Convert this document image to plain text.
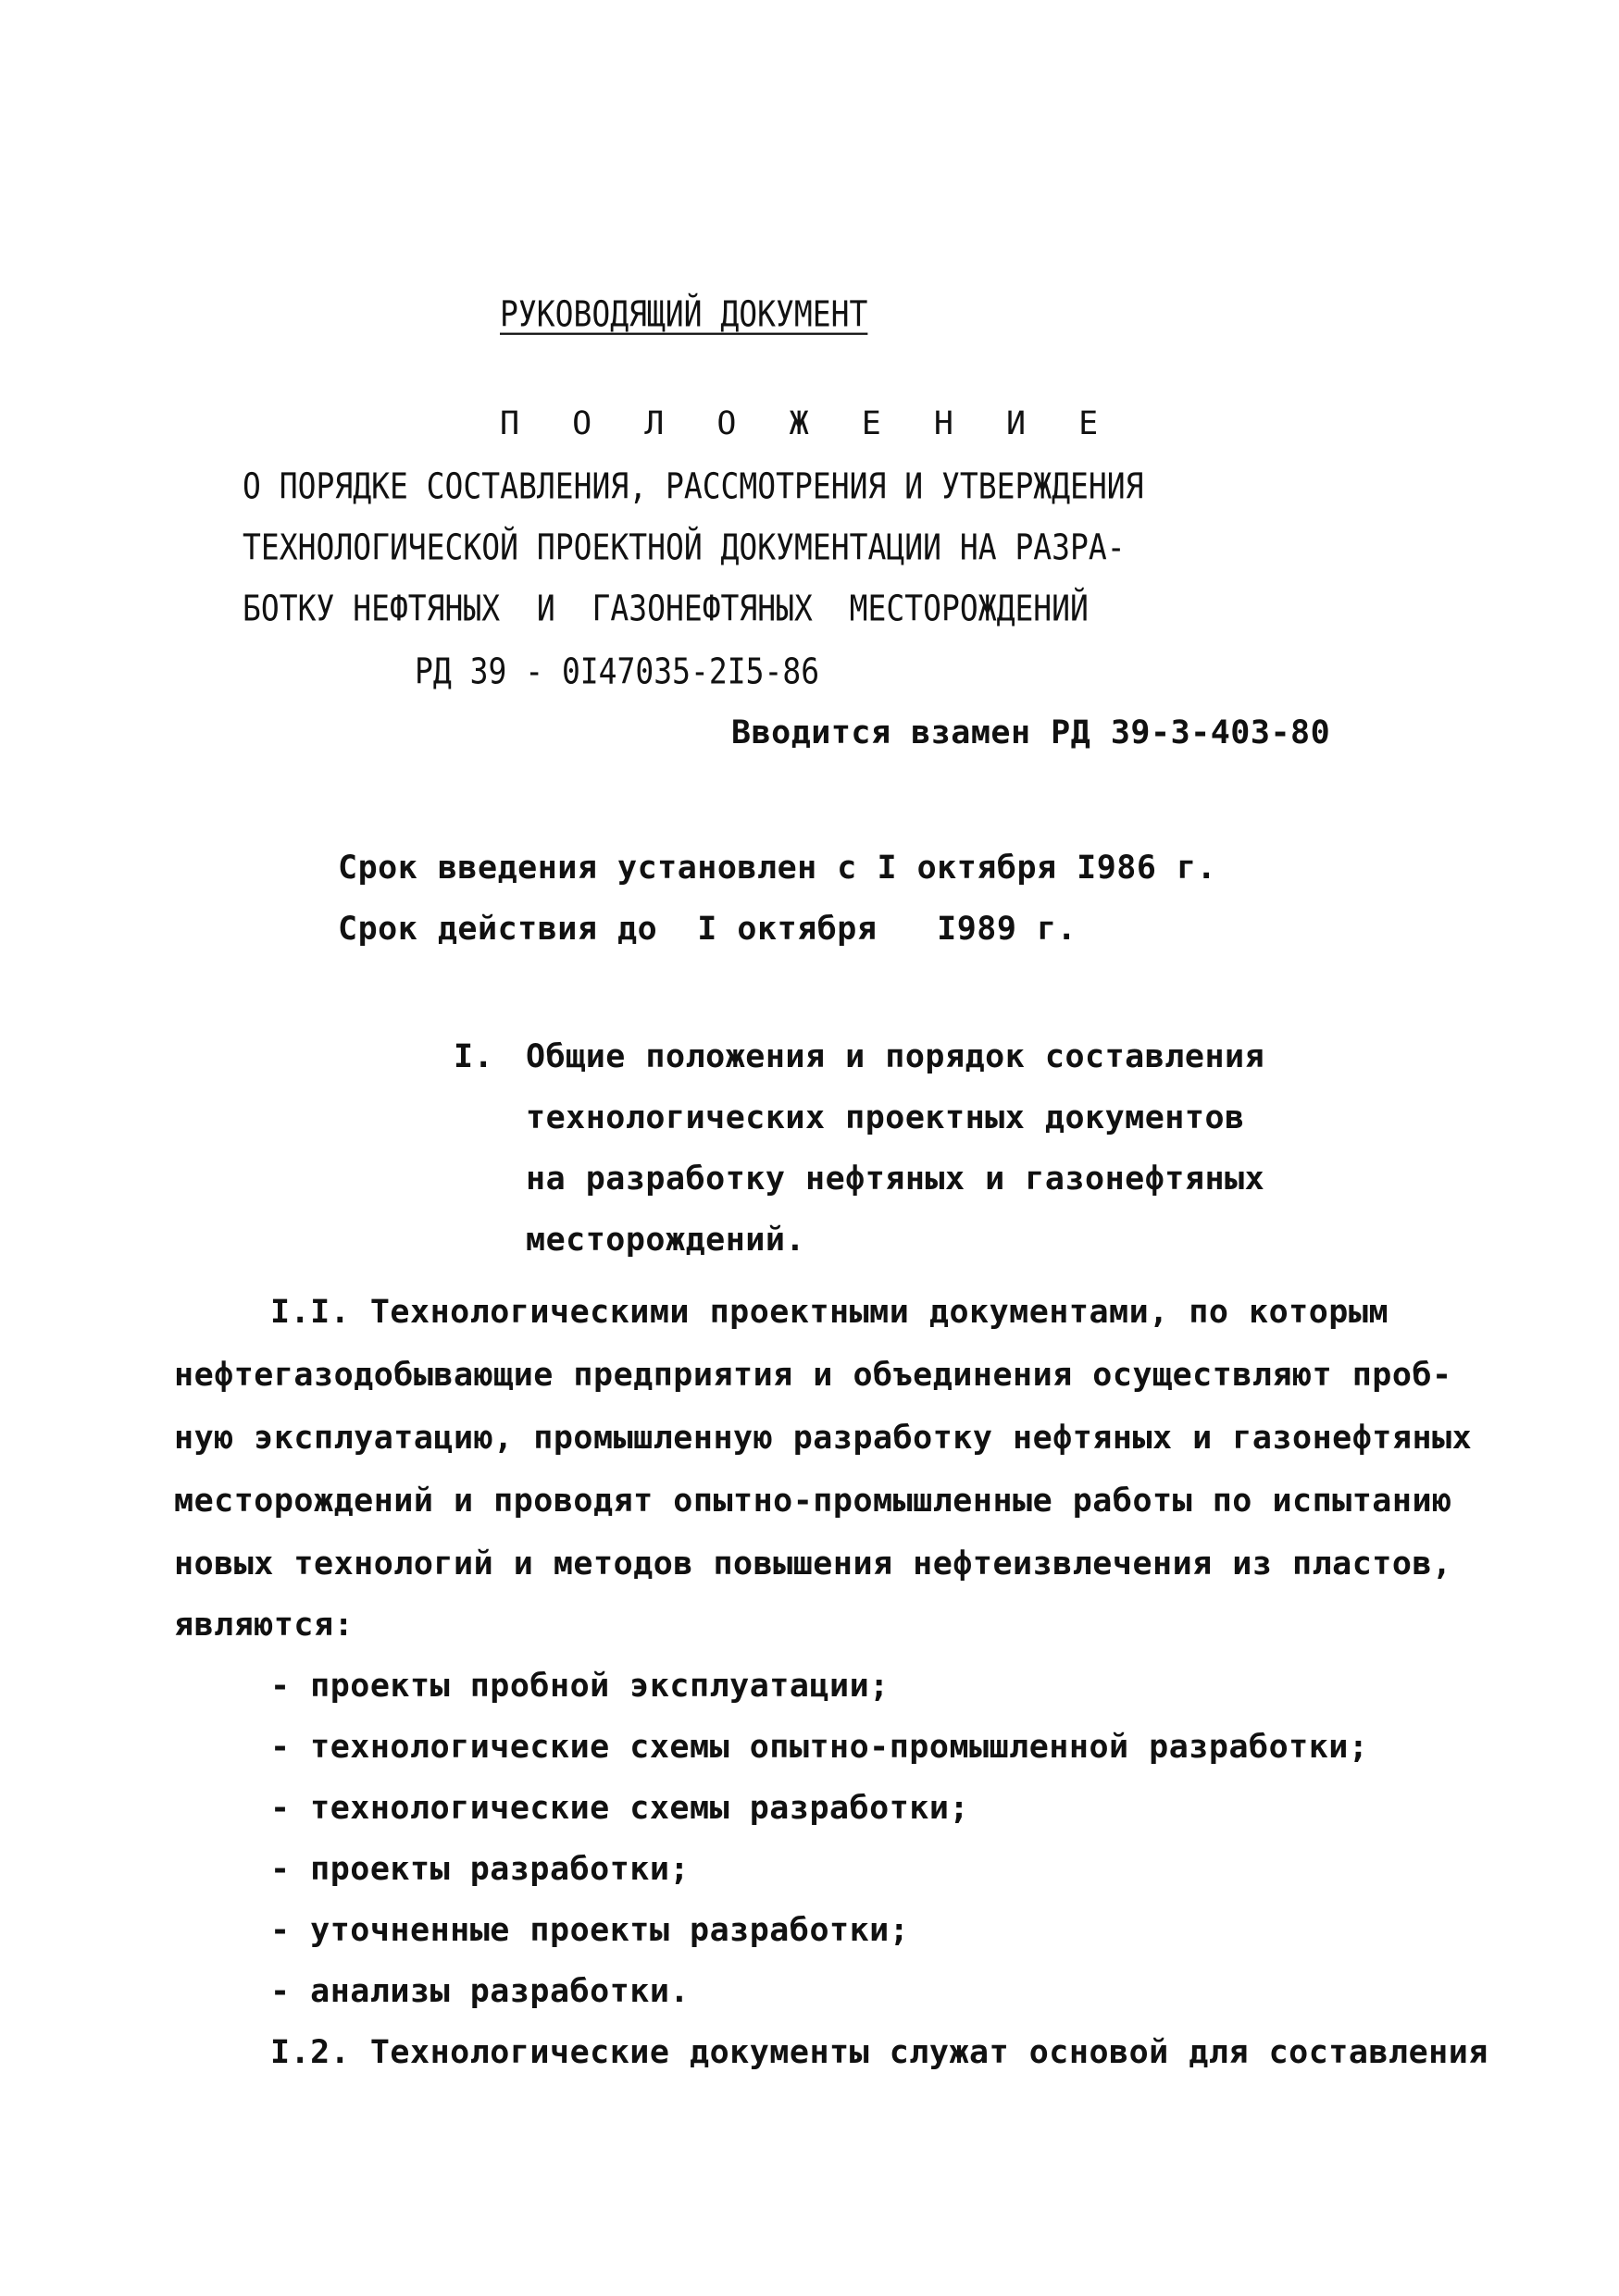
РУКОВОДЯЩИЙ ДОКУМЕНТ
П О Л О Ж Е Н И Е
О ПОРЯДКЕ СОСТАВЛЕНИЯ, РАССМОТРЕНИЯ И УТВЕРЖДЕНИЯ
ТЕХНОЛОГИЧЕСКОЙ ПРОЕКТНОЙ ДОКУМЕНТАЦИИ НА РАЗРА-
БОТКУ НЕФТЯНЫХ  И  ГАЗОНЕФТЯНЫХ  МЕСТОРОЖДЕНИЙ
РД 39 - 0I47035-2I5-86
Вводится взамен РД 39-3-403-80
Срок введения установлен с I октября I986 г.
Срок действия до  I октября   I989 г.
I. Общие положения и порядок составления
технологических проектных документов
на разработку нефтяных и газонефтяных
месторождений.
I.I. Технологическими проектными документами, по которым
нефтегазодобывающие предприятия и объединения осуществляют проб-
ную эксплуатацию, промышленную разработку нефтяных и газонефтяных
месторождений и проводят опытно-промышленные работы по испытанию
новых технологий и методов повышения нефтеизвлечения из пластов,
являются:
- проекты пробной эксплуатации;
- технологические схемы опытно-промышленной разработки;
- технологические схемы разработки;
- проекты разработки;
- уточненные проекты разработки;
- анализы разработки.
I.2. Технологические документы служат основой для составления
